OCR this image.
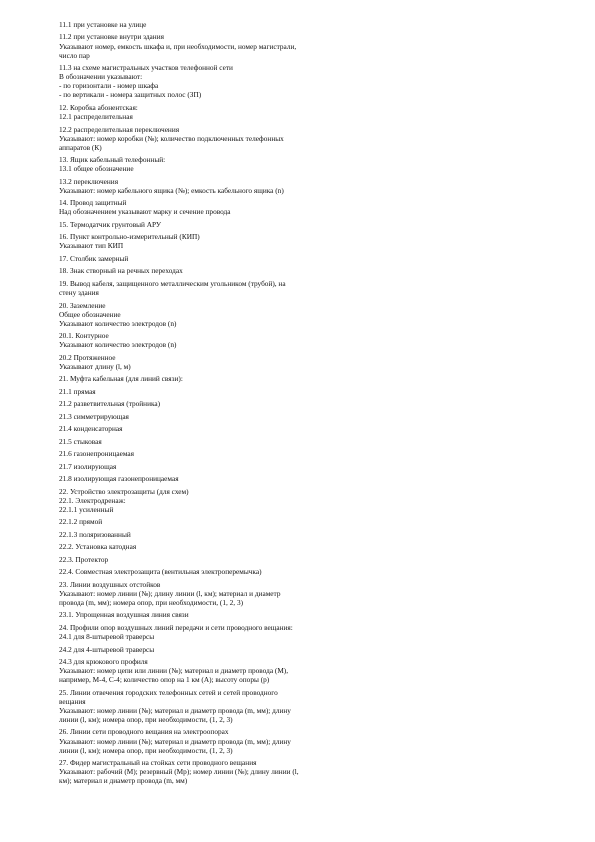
11.1 при установке на улице
11.2 при установке внутри здания
Указывают номер, емкость шкафа и, при необходимости, номер магистрали,
число пар
11.3 на схеме магистральных участков телефонной сети
В обозначении указывают:
- по горизонтали - номер шкафа
- по вертикали - номера защитных полос (ЗП)
12. Коробка абонентская:
12.1 распределительная
12.2 распределительная переключения
Указывают: номер коробки (№); количество подключенных телефонных
аппаратов (К)
13. Ящик кабельный телефонный:
13.1 общее обозначение
13.2 переключения
Указывают: номер кабельного ящика (№); емкость кабельного ящика (n)
14. Провод защитный
Над обозначением указывают марку и сечение провода
15. Термодатчик грунтовый АРУ
16. Пункт контрольно-измерительный (КИП)
Указывают тип КИП
17. Столбик замерный
18. Знак створный на речных переходах
19. Вывод кабеля, защищенного металлическим угольником (трубой), на
стену здания
20. Заземление
Общее обозначение
Указывают количество электродов (n)
20.1. Контурное
Указывают количество электродов (n)
20.2 Протяженное
Указывают длину (l, м)
21. Муфта кабельная (для линий связи):
21.1 прямая
21.2 разветвительная (тройника)
21.3 симметрирующая
21.4 конденсаторная
21.5 стыковая
21.6 газонепроницаемая
21.7 изолирующая
21.8 изолирующая газонепроницаемая
22. Устройство электрозащиты (для схем)
22.1. Электродренаж:
22.1.1 усиленный
22.1.2 прямой
22.1.3 поляризованный
22.2. Установка катодная
22.3. Протектор
22.4. Совместная электрозащита (вентильная электроперемычка)
23. Линии воздушных отстойков
Указывают: номер линии (№); длину линии (l, км); материал и диаметр
провода (m, мм); номера опор, при необходимости, (1, 2, 3)
23.1. Упрощенная воздушная линия связи
24. Профили опор воздушных линий передачи и сети проводного вещания:
24.1 для 8-штыревой траверсы
24.2 для 4-штыревой траверсы
24.3 для крюкового профиля
Указывают: номер цепи или линии (№); материал и диаметр провода (М),
например, М-4, С-4; количество опор на 1 км (А); высоту опоры (р)
25. Линии отвечения городских телефонных сетей и сетей проводного
вещания
Указывают: номер линии (№); материал и диаметр провода (m, мм); длину
линии (l, км); номера опор, при необходимости, (1, 2, 3)
26. Линии сети проводного вещания на электроопорах
Указывают: номер линии (№); материал и диаметр провода (m, мм); длину
линии (l, км); номера опор, при необходимости, (1, 2, 3)
27. Фидер магистральный на стойках сети проводного вещания
Указывают: рабочий (М); резервный (Мр); номер линии (№); длину линии (l,
км); материал и диаметр провода (m, мм)
